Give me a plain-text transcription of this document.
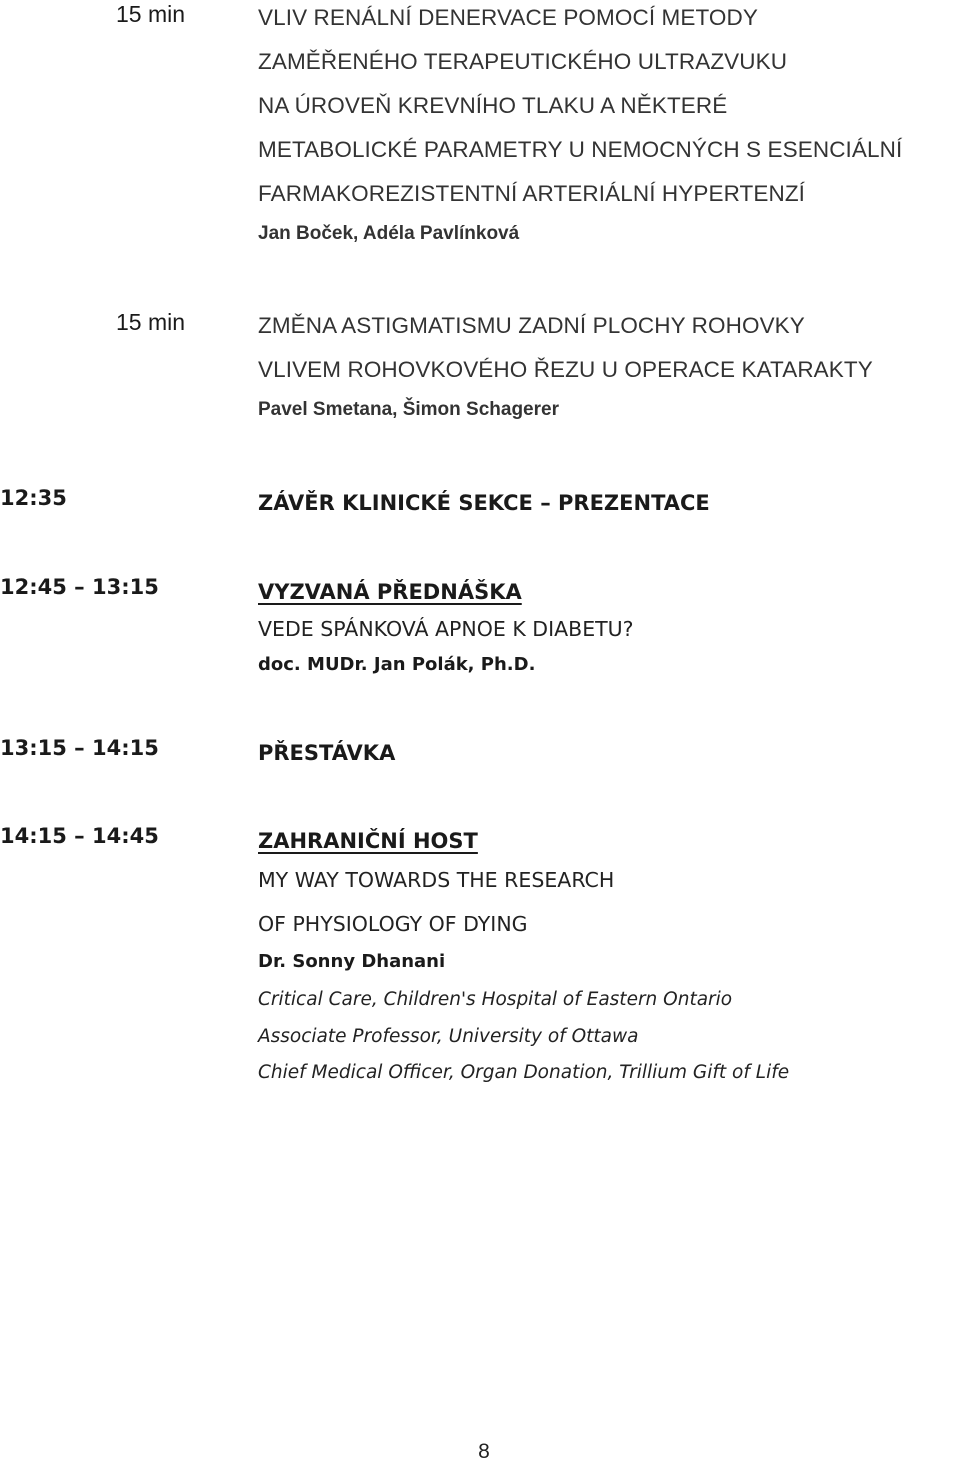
15 min	VLIV RENÁLNÍ DENERVACE POMOCÍ METODY
ZAMĚŘENÉHO TERAPEUTICKÉHO ULTRAZVUKU
NA ÚROVEŇ KREVNÍHO TLAKU A NĚKTERÉ
METABOLICKÉ PARAMETRY U NEMOCNÝCH S ESENCIÁLNÍ
FARMAKOREZISTENTNÍ ARTERIÁLNÍ HYPERTENZÍ
Jan Boček, Adéla Pavlínková
15 min	ZMĚNA ASTIGMATISMU ZADNÍ PLOCHY ROHOVKY
VLIVEM ROHOVKOVÉHO ŘEZU U OPERACE KATARAKTY
Pavel Smetana, Šimon Schagerer
12:35	ZÁVĚR KLINICKÉ SEKCE – PREZENTACE
12:45 – 13:15	VYZVANÁ PŘEDNÁŠKA
VEDE SPÁNKOVÁ APNOE K DIABETU?
doc. MUDr. Jan Polák, Ph.D.
13:15 – 14:15	PŘESTÁVKA
14:15 – 14:45	ZAHRANIČNÍ HOST
MY WAY TOWARDS THE RESEARCH
OF PHYSIOLOGY OF DYING
Dr. Sonny Dhanani
Critical Care, Children's Hospital of Eastern Ontario
Associate Professor, University of Ottawa
Chief Medical Officer, Organ Donation, Trillium Gift of Life
8
